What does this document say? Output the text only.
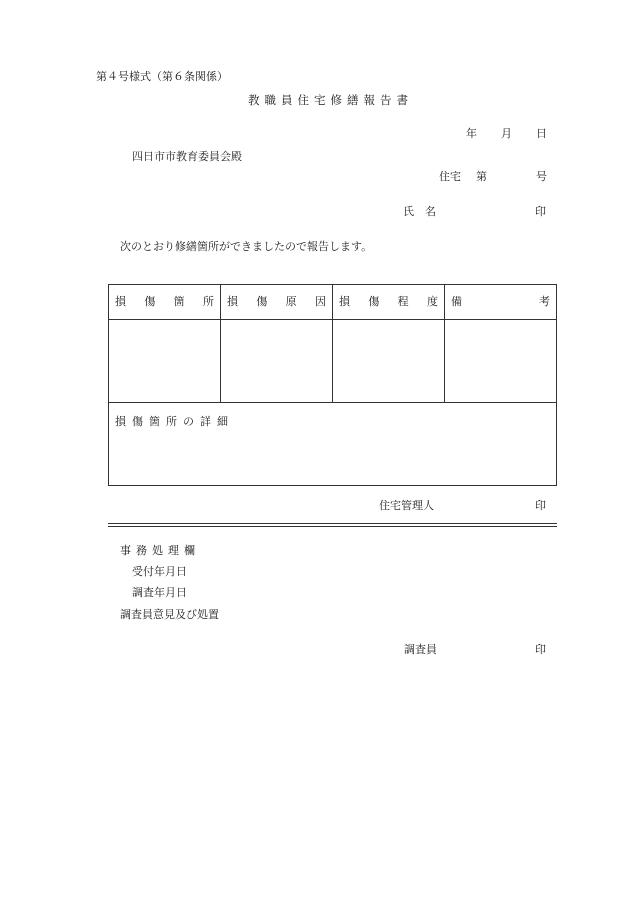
第４号様式（第６条関係）
教職員住宅修繕報告書
年 月 日
四日市市教育委員会殿
住宅 第	号
氏　名	印
次のとおり修繕箇所ができましたので報告します。
損 傷 箇 所	損 傷 原 因	損 傷 程 度	備 考

損傷箇所の詳細			
住宅管理人	印
事務処理欄
受付年月日
調査年月日
調査員意見及び処置
調査員	印
